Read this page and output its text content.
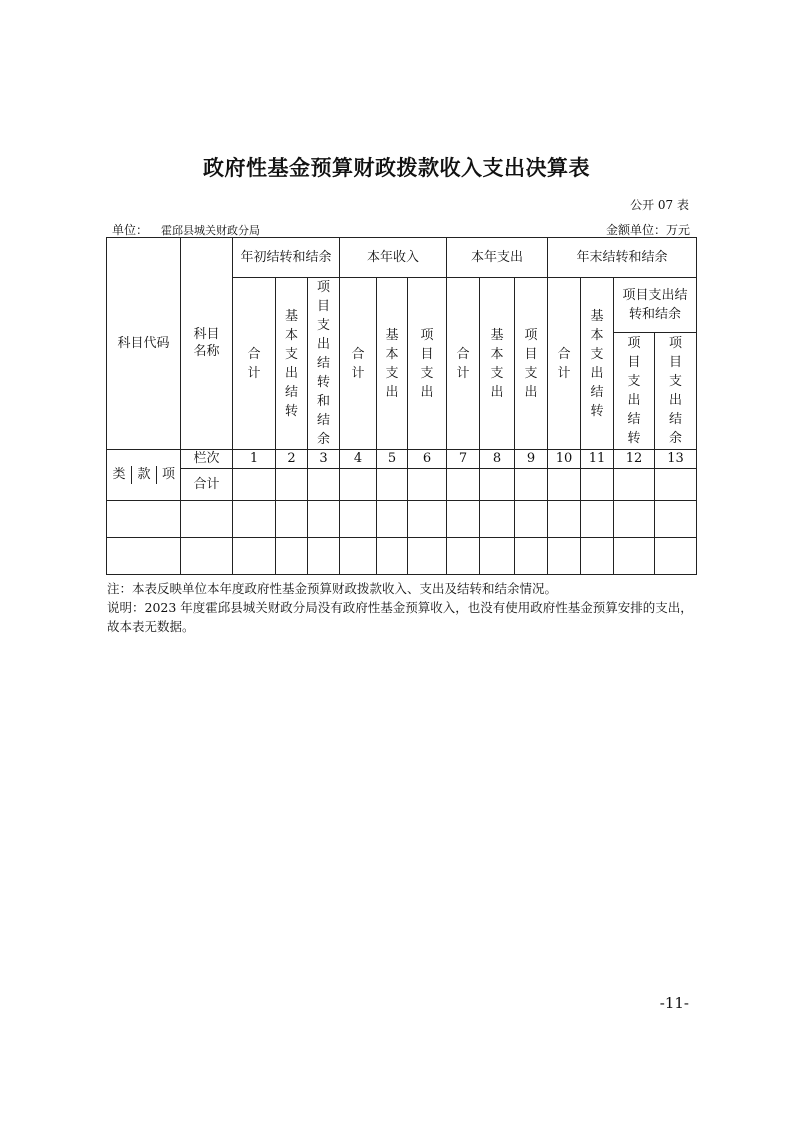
政府性基金预算财政拨款收入支出决算表
公开 07 表
单位： 霍邱县城关财政分局	金额单位：万元
科目代码	科目名称	年初结转和结余			本年收入			本年支出			年末结转和结余			
		合计	基本支出结转	项目支出结转和结余	合计	基本支出	项目支出	合计	基本支出	项目支出	合计	基本支出结转	项目支出结转和结余	

													项目支出结转	项目支出结余

类 款 项	栏次	1	2	3	4	5	6	7	8	9	10	11	12	13
	合计													

注：本表反映单位本年度政府性基金预算财政拨款收入、支出及结转和结余情况。

说明：2023 年度霍邱县城关财政分局没有政府性基金预算收入，也没有使用政府性基金预算安排的支出，故本表无数据。

-11-
